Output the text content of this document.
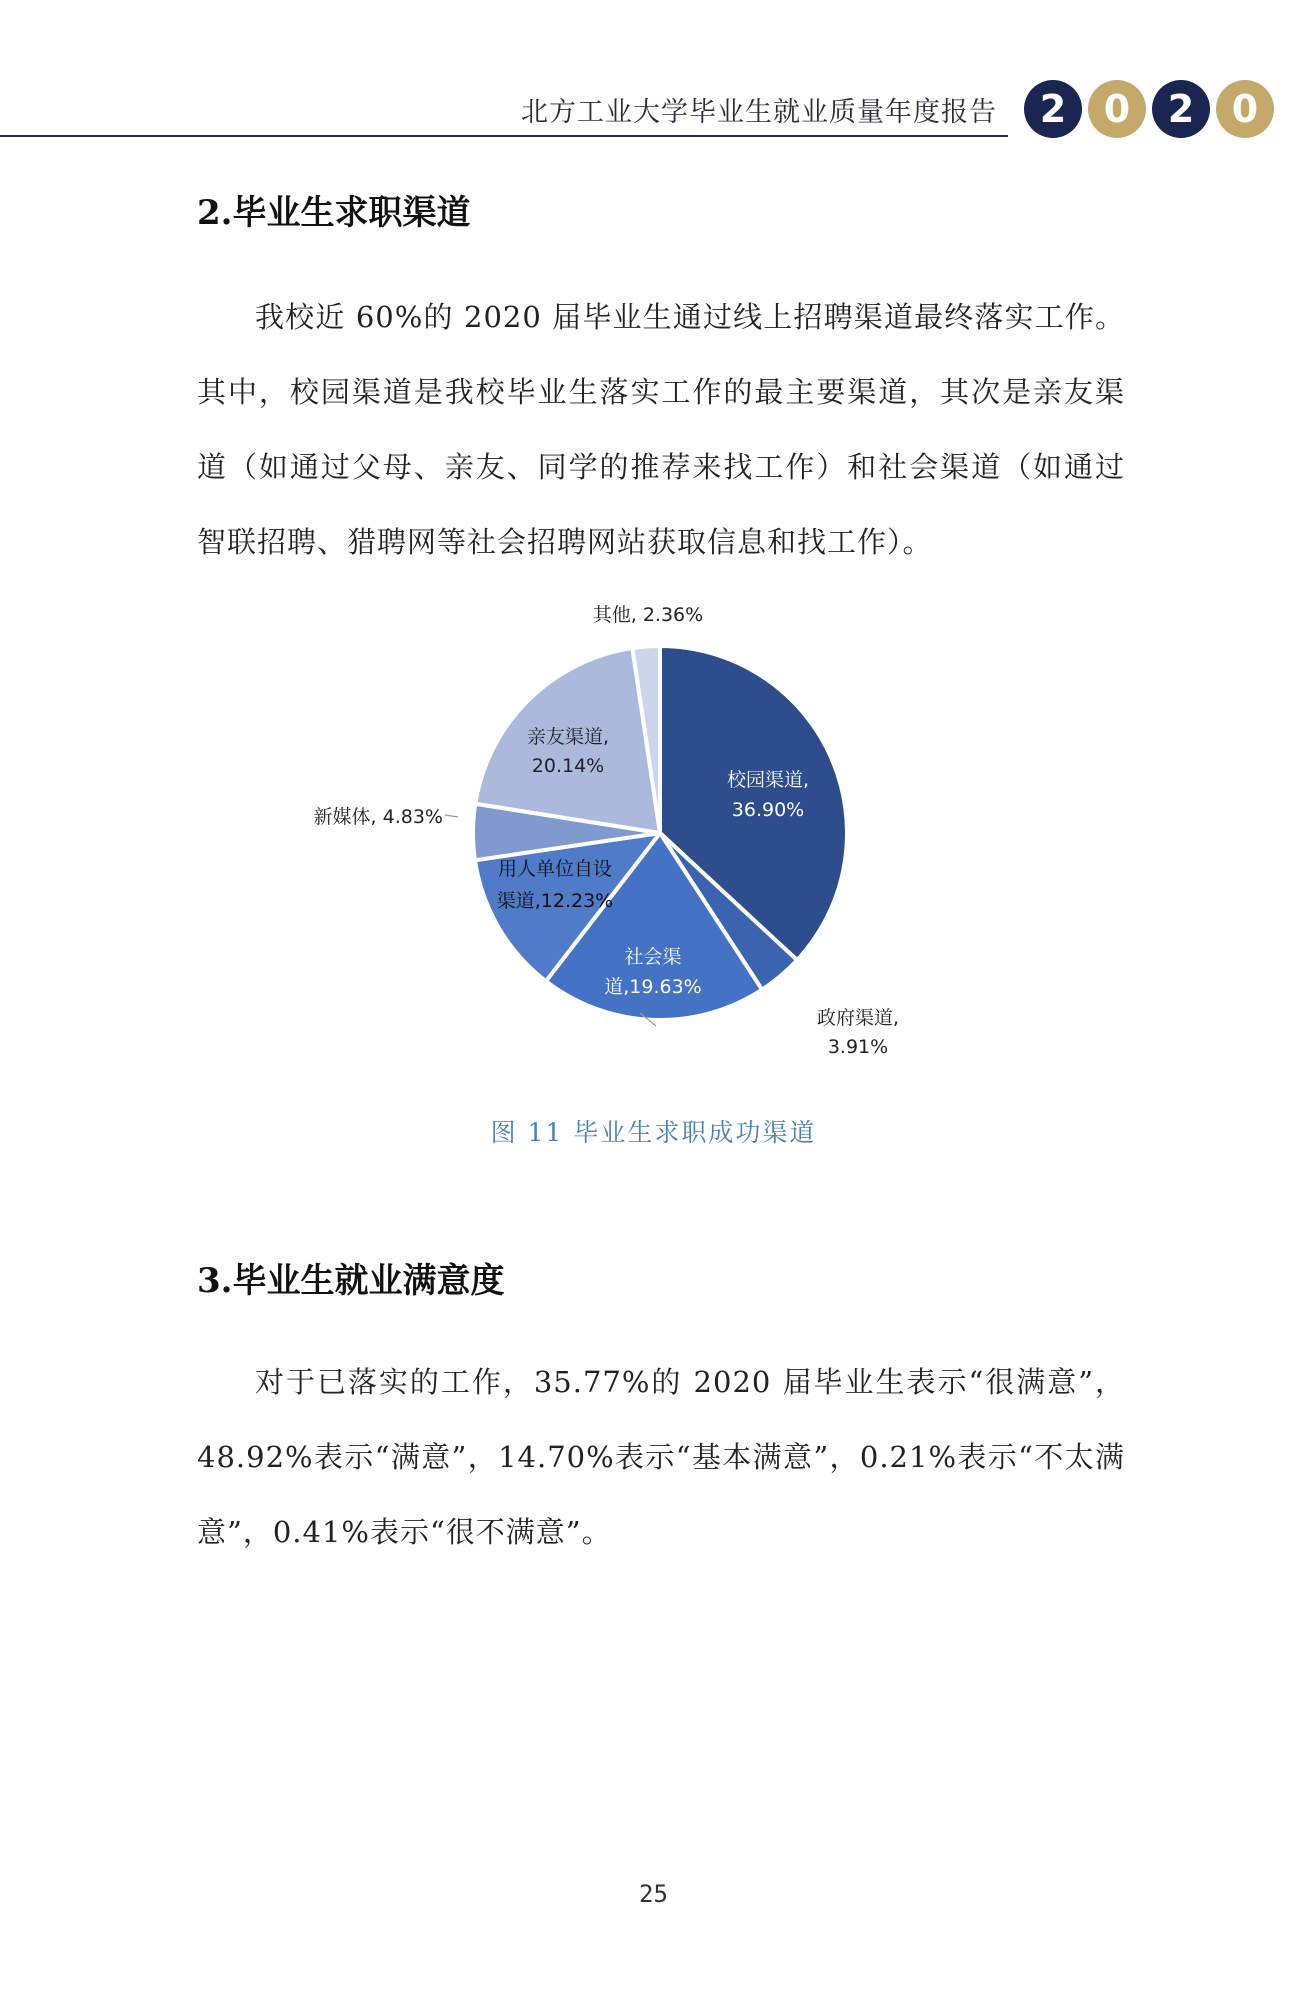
北方工业大学毕业生就业质量年度报告	2 0 2 0
2.毕业生求职渠道

我校近 60%的 2020 届毕业生通过线上招聘渠道最终落实工作。其中，校园渠道是我校毕业生落实工作的最主要渠道，其次是亲友渠道（如通过父母、亲友、同学的推荐来找工作）和社会渠道（如通过智联招聘、猎聘网等社会招聘网站获取信息和找工作）。

其他, 2.36%
亲友渠道,
20.14%
校园渠道,
36.90%
新媒体, 4.83%
用人单位自设
渠道,12.23%
社会渠
道,19.63%
政府渠道,
3.91%
图 11 毕业生求职成功渠道
3.毕业生就业满意度

对于已落实的工作，35.77%的 2020 届毕业生表示“很满意”，48.92%表示“满意”，14.70%表示“基本满意”，0.21%表示“不太满意”，0.41%表示“很不满意”。

25
